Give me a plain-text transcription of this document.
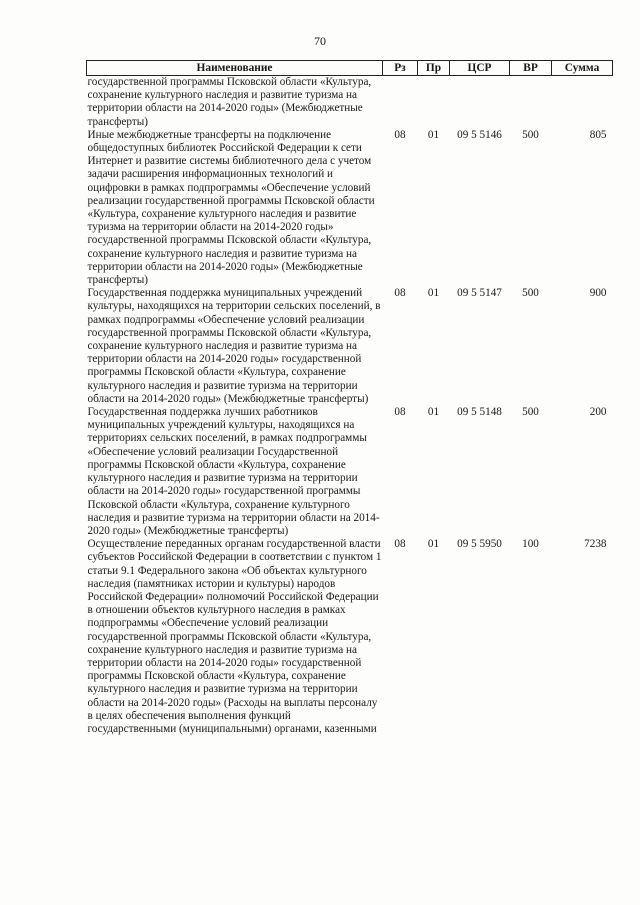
70
Наименование	Рз	Пр	ЦСР	ВР	Сумма
государственной программы Псковской области «Культура, сохранение культурного наследия и развитие туризма на территории области на 2014-2020 годы» (Межбюджетные трансферты)					
Иные межбюджетные трансферты на подключение общедоступных библиотек Российской Федерации к сети Интернет и развитие системы библиотечного дела с учетом задачи расширения информационных технологий и оцифровки в рамках подпрограммы «Обеспечение условий реализации государственной программы Псковской области «Культура, сохранение культурного наследия и развитие туризма на территории области на 2014-2020 годы» государственной программы Псковской области «Культура, сохранение культурного наследия и развитие туризма на территории области на 2014-2020 годы» (Межбюджетные трансферты)	08	01	09 5 5146	500	805
Государственная поддержка муниципальных учреждений культуры, находящихся на территории сельских поселений, в рамках подпрограммы «Обеспечение условий реализации государственной программы Псковской области «Культура, сохранение культурного наследия и развитие туризма на территории области на 2014-2020 годы» государственной программы Псковской области «Культура, сохранение культурного наследия и развитие туризма на территории области на 2014-2020 годы» (Межбюджетные трансферты)	08	01	09 5 5147	500	900
Государственная поддержка лучших работников муниципальных учреждений культуры, находящихся на территориях сельских поселений, в рамках подпрограммы «Обеспечение условий реализации Государственной программы Псковской области «Культура, сохранение культурного наследия и развитие туризма на территории области на 2014-2020 годы» государственной программы Псковской области «Культура, сохранение культурного наследия и развитие туризма на территории области на 2014-2020 годы» (Межбюджетные трансферты)	08	01	09 5 5148	500	200
Осуществление переданных органам государственной власти субъектов Российской Федерации в соответствии с пунктом 1 статьи 9.1 Федерального закона «Об объектах культурного наследия (памятниках истории и культуры) народов Российской Федерации» полномочий Российской Федерации в отношении объектов культурного наследия в рамках подпрограммы «Обеспечение условий реализации государственной программы Псковской области «Культура, сохранение культурного наследия и развитие туризма на территории области на 2014-2020 годы» государственной программы Псковской области «Культура, сохранение культурного наследия и развитие туризма на территории области на 2014-2020 годы» (Расходы на выплаты персоналу в целях обеспечения выполнения функций государственными (муниципальными) органами, казенными	08	01	09 5 5950	100	7238
